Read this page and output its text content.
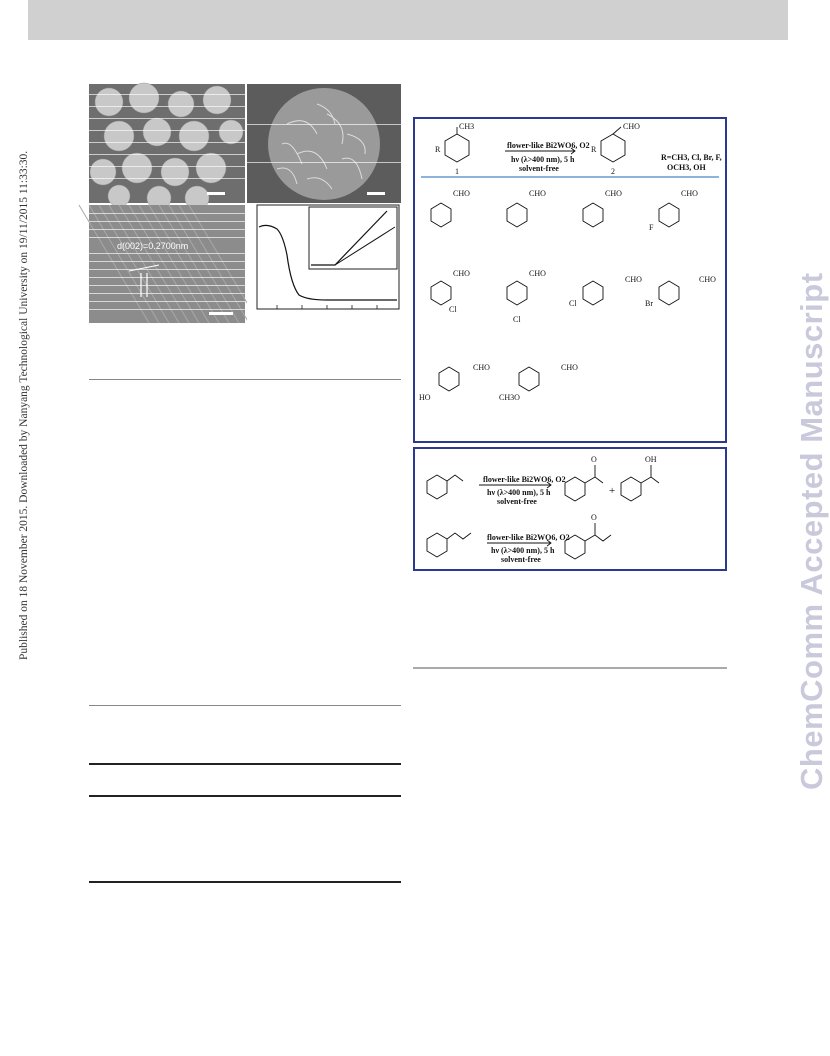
Published on 18 November 2015. Downloaded by Nanyang Technological University on 19/11/2015 11:33:30.	ChemComm Accepted Manuscript
d(002)=0.2700nm
CH3
R	flower-like Bi2WO6, O2
hν (λ>400 nm), 5 h
solvent-free
CHO
R
1	2
R=CH3, Cl, Br, F,
OCH3, OH
CHO	CHO	CHO	CHO
F
CHO
Cl
CHO
Cl
CHO
Cl
CHO
Br
CHO
HO
CHO
CH3O
flower-like Bi2WO6, O2
hν (λ>400 nm), 5 h
solvent-free
O
+
OH
flower-like Bi2WO6, O2
hν (λ>400 nm), 5 h
solvent-free
O
